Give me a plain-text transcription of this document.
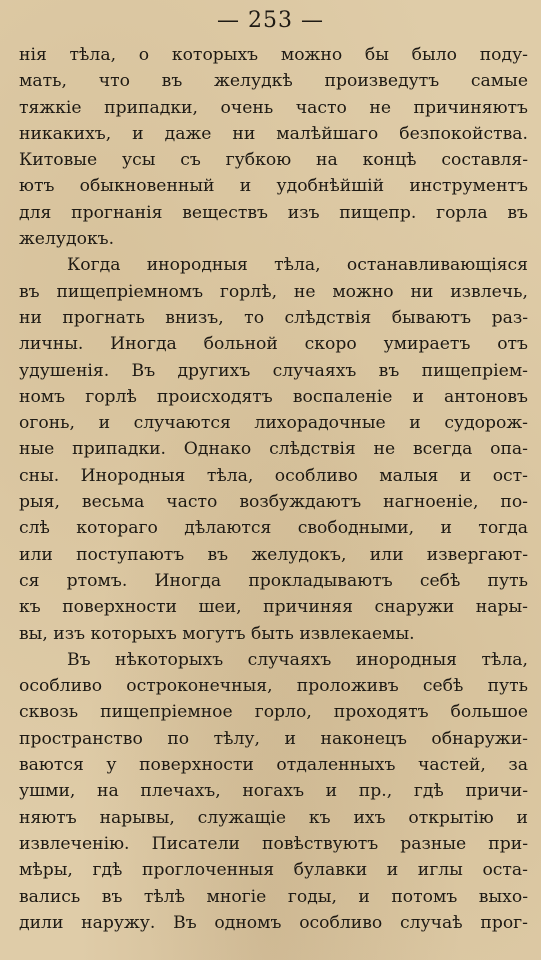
— 253 —
нія тѣла, о которыхъ можно бы было поду-
мать, что въ желудкѣ произведутъ самые
тяжкіе припадки, очень часто не причиняютъ
никакихъ, и даже ни малѣйшаго безпокойства.
Китовые усы съ губкою на концѣ составля-
ютъ обыкновенный и удобнѣйшій инструментъ
для прогнанія веществъ изъ пищепр. горла въ
желудокъ.
Когда инородныя тѣла, останавливающіяся
въ пищепріемномъ горлѣ, не можно ни извлечь,
ни прогнать внизъ, то слѣдствія бываютъ раз-
личны. Иногда больной скоро умираетъ отъ
удушенія. Въ другихъ случаяхъ въ пищепріем-
номъ горлѣ происходятъ воспаленіе и антоновъ
огонь, и случаются лихорадочные и судорож-
ные припадки. Однако слѣдствія не всегда опа-
сны. Инородныя тѣла, особливо малыя и ост-
рыя, весьма часто возбуждаютъ нагноеніе, по-
слѣ котораго дѣлаются свободными, и тогда
или поступаютъ въ желудокъ, или извергают-
ся ртомъ. Иногда прокладываютъ себѣ путь
къ поверхности шеи, причиняя снаружи нары-
вы, изъ которыхъ могутъ быть извлекаемы.
Въ нѣкоторыхъ случаяхъ инородныя тѣла,
особливо остроконечныя, проложивъ себѣ путь
сквозь пищепріемное горло, проходятъ большое
пространство по тѣлу, и наконецъ обнаружи-
ваются у поверхности отдаленныхъ частей, за
ушми, на плечахъ, ногахъ и пр., гдѣ причи-
няютъ нарывы, служащіе къ ихъ открытію и
извлеченію. Писатели повѣствуютъ разные при-
мѣры, гдѣ проглоченныя булавки и иглы оста-
вались въ тѣлѣ многіе годы, и потомъ выхо-
дили наружу. Въ одномъ особливо случаѣ прог-
